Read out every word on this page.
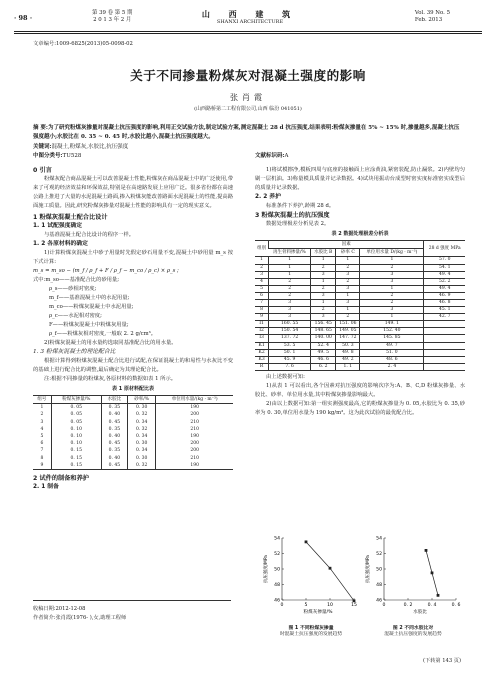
· 98 ·
第 39 卷 第 5 期
2 0 1 3 年 2 月
山 西 建 筑
SHANXI ARCHITECTURE
Vol. 39 No. 5
Feb. 2013
文章编号:1009-6825(2013)05-0098-02
关于不同掺量粉煤灰对混凝土强度的影响
张肖霞
(山西路桥第二工程有限公司,山西 临汾 041051)
摘 要:为了研究粉煤灰掺量对混凝土抗压强度的影响,利用正交试验方法,制定试验方案,测定混凝土 28 d 抗压强度,结果表明:粉煤灰掺量在 5% ~ 15% 时,掺量越多,混凝土抗压强度越小;水胶比在 0. 35 ~ 0. 45 时,水胶比越小,混凝土抗压强度越大。
关键词:混凝土,粉煤灰,水胶比,抗压强度
中图分类号:TU528	文献标识码:A
0 引言

粉煤灰配合商品混凝土可以改善混凝土性能,粉煤灰在商品混凝土中的广泛使用,带来了可观的经济效益和环保效益,特别是在高速路发展上应用广泛。很多省份都在高速公路上推进了大量的水泥混凝土路面,掺入粉煤灰能改善路面水泥混凝土的性能,提高路面施工质量。因此,研究粉煤灰掺量对混凝土性能的影响具有一定的现实意义。

1 粉煤灰混凝土配合比设计
1. 1 试配强度确定

与基准混凝土配合比设计的程序一样。

1. 2 各原材料的确定

1)计算粉煤灰混凝土中砂子用量时先假定砂石用量不变,混凝土中砂用量 m_s 按下式计算:

m_s = m_so − (m_f / ρ_f + F / ρ_f − m_co / ρ_c) × ρ_s ;

式中:m_so——基准配合比的砂用量;

ρ_s——砂相对密度;

m_f——基准混凝土中的水泥用量;

m_co——粉煤灰混凝土中水泥用量;

ρ_c——水泥相对密度;

F——粉煤灰混凝土中粉煤灰用量;

ρ_f——粉煤灰相对密度,一般取 2. 2 g/cm³。

2)粉煤灰混凝土的用水量约选取同基准配合比的用水量。

1. 3 粉煤灰混凝土的理论配合比

根据计算得到粉煤灰混凝土配合比进行试配,在保证混凝土的和易性与水灰比不变的基础上进行配合比的调整,最后确定为其理论配合比。

注:根据不同掺量的粉煤灰,各原材料的数据如表 1 所示。

表 1 原材料配比表
组号	粉煤灰掺量/%	水胶比	砂率/%	单位用水量/(kg · m⁻³)
1	0. 05	0. 35	0. 30	190
2	0. 05	0. 40	0. 32	200
3	0. 05	0. 45	0. 34	210
4	0. 10	0. 35	0. 32	210
5	0. 10	0. 40	0. 34	190
6	0. 10	0. 45	0. 30	200
7	0. 15	0. 35	0. 34	200
8	0. 15	0. 40	0. 30	210
9	0. 15	0. 45	0. 32	190
2 试件的制备和养护
2. 1 制备

1)将试模擦净,模板四周与底座的接触面上应涂黄油,紧密装配,防止漏浆。2)内壁均匀刷一层机油。3)称量模具质量并记录数据。4)试块用振动台成型时密实度标准密实成型后的质量并记录数据。

2. 2 养护

标准条件下养护,龄期 28 d。

3 粉煤灰混凝土的抗压强度

数据处理极差分析见表 2。

表 2 数据处理极差分析表
组别	因素				28 d 强度 MPa
	再生骨料掺量/%	水胶比 B	砂率 C	单位用水量 D/(kg · m⁻³)	
1	1	1	1	1	57. 0
2	1	2	2	2	54. 1
3	1	3	3	3	49. 4
4	2	1	2	3	52. 2
5	2	2	3	1	49. 4
6	2	3	1	2	46. 9
7	3	1	3	2	46. 8
8	3	2	1	3	45. 1
9	3	3	2	1	42. 7
I1	160. 55	156. 45	151. 06	149. 1	
I2	150. 54	148. 65	149. 05	152. 40	
I3	137. 72	140. 00	147. 72	145. 85	
K1	53. 5	52. 4	50. 3	49. 7	
K2	50. 1	49. 5	49. 8	51. 0	
K3	45. 9	46. 6	49. 2	48. 6	
R	7. 6	6. 2	1. 1	2. 4	

由上述数据可知:

1)从表 1 可以看出,各个因素对抗压强度的影响次序为:A、B、C,D 粉煤灰掺量、水胶比、砂率、单位用水量,其中粉煤灰掺量影响最大。

2)由以上数据可知:第一组实测强度最高,它的粉煤灰掺量为 0. 05,水胶比为 0. 35,砂率为 0. 30,单位用水量为 190 kg/m³。这为此次试验的最优配合比。

46
48
50
52
54
0	5	10	15
抗压强度/MPa
粉煤灰掺量/%
图 1 不同粉煤灰掺量
时混凝土抗压强度的发展趋势
46
48
50
52
54
0	0. 2	0. 4	0. 6
抗压强度/MPa
水胶比
图 2 不同水胶比对
混凝土抗压强度的发展趋势
(下转第 143 页)
收稿日期:2012-12-08
作者简介:张肖霞(1976- ),女,助理工程师
